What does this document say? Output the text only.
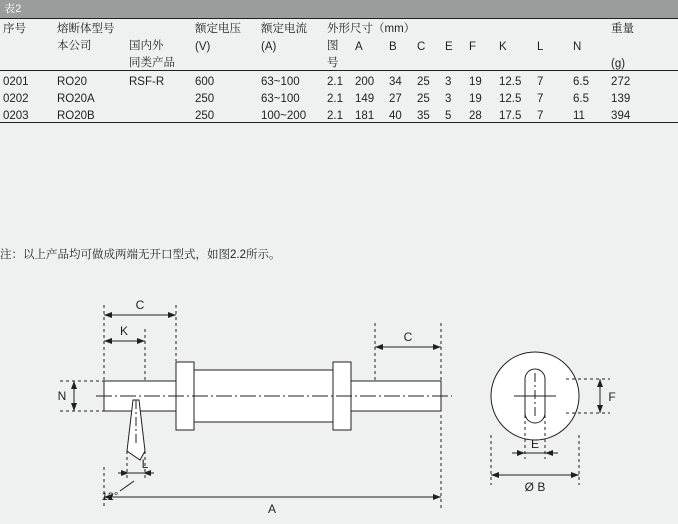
表2
序号	熔断体型号		额定电压	额定电流	外形尺寸（mm）									重量
	本公司	国内外	(V)	(A)	图	A	B	C	E	F	K	L	N	
		同类产品			号									(g)
0201	RO20	RSF-R	600	63~100	2.1	200	34	25	3	19	12.5	7	6.5	272
0202	RO20A		250	63~100	2.1	149	27	25	3	19	12.5	7	6.5	139
0203	RO20B		250	100~200	2.1	181	40	35	5	28	17.5	7	11	394
注：以上产品均可做成两端无开口型式，如图2.2所示。
C
K
N
C
L
12°
A
E
F
Ø B
